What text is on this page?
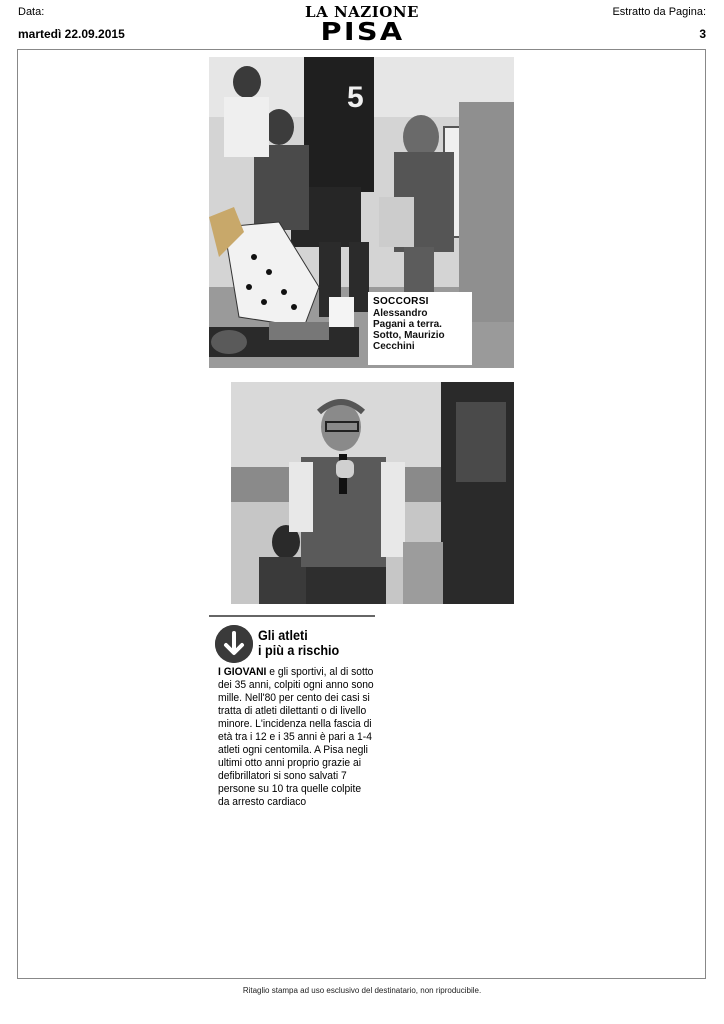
Data:
martedì 22.09.2015
LA NAZIONE
PISA
Estratto da Pagina:
3
5
SOCCORSI
Alessandro
Pagani a terra.
Sotto, Maurizio
Cecchini
Gli atleti
i più a rischio
I GIOVANI e gli sportivi, al di sotto dei 35 anni, colpiti ogni anno sono mille. Nell'80 per cento dei casi si tratta di atleti dilettanti o di livello minore. L'incidenza nella fascia di età tra i 12 e i 35 anni è pari a 1-4 atleti ogni centomila. A Pisa negli ultimi otto anni proprio grazie ai defibrillatori si sono salvati 7 persone su 10 tra quelle colpite da arresto cardiaco
Ritaglio stampa ad uso esclusivo del destinatario, non riproducibile.
